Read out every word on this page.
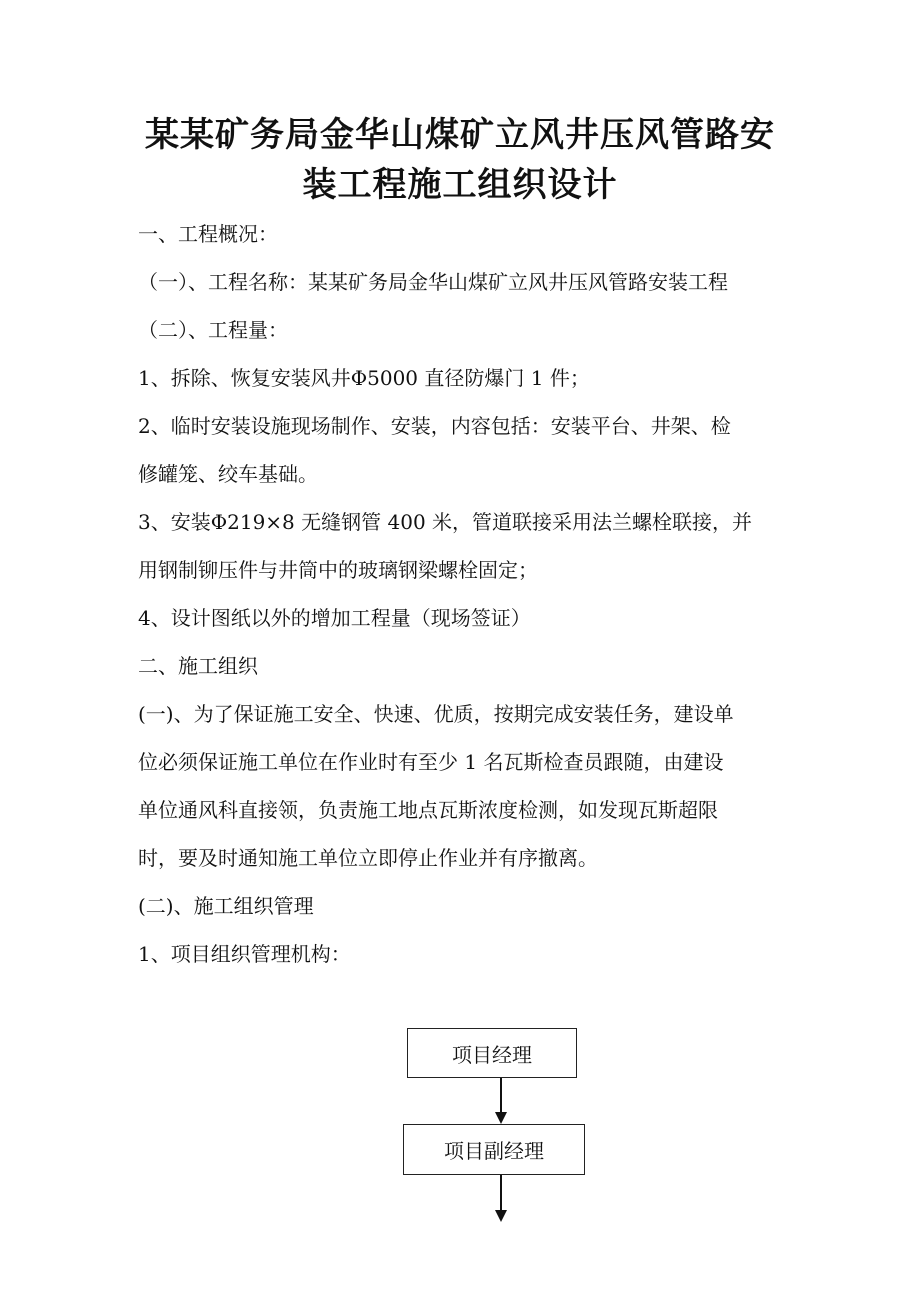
某某矿务局金华山煤矿立风井压风管路安
装工程施工组织设计
一、工程概况：
（一）、工程名称：某某矿务局金华山煤矿立风井压风管路安装工程
（二）、工程量：
1、拆除、恢复安装风井Φ5000 直径防爆门 1 件；
2、临时安装设施现场制作、安装，内容包括：安装平台、井架、检
修罐笼、绞车基础。
3、安装Φ219×8 无缝钢管 400 米，管道联接采用法兰螺栓联接，并
用钢制铆压件与井筒中的玻璃钢梁螺栓固定；
4、设计图纸以外的增加工程量（现场签证）
二、施工组织
(一)、为了保证施工安全、快速、优质，按期完成安装任务，建设单
位必须保证施工单位在作业时有至少 1 名瓦斯检查员跟随，由建设
单位通风科直接领，负责施工地点瓦斯浓度检测，如发现瓦斯超限
时，要及时通知施工单位立即停止作业并有序撤离。
(二)、施工组织管理
1、项目组织管理机构：
项目经理
项目副经理
